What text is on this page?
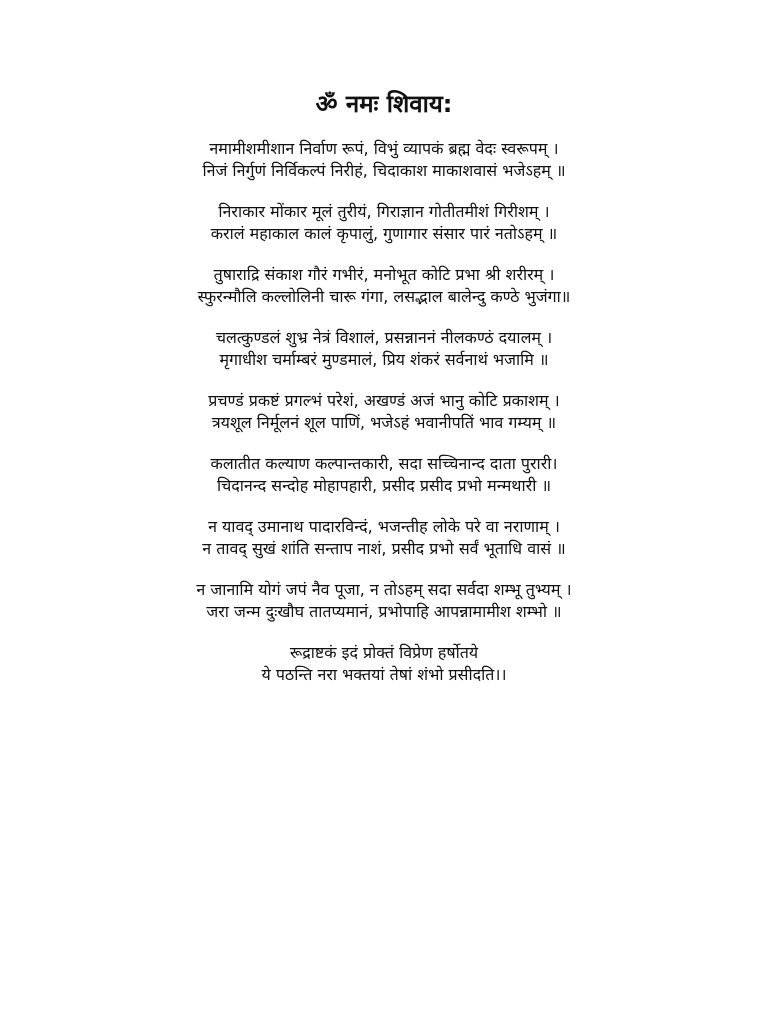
ॐ नमः शिवाय:
नमामीशमीशान निर्वाण रूपं, विभुं व्यापकं ब्रह्म वेदः स्वरूपम् ।
निजं निर्गुणं निर्विकल्पं निरीहं, चिदाकाश माकाशवासं भजेऽहम् ॥
निराकार मोंकार मूलं तुरीयं, गिराज्ञान गोतीतमीशं गिरीशम् ।
करालं महाकाल कालं कृपालुं, गुणागार संसार पारं नतोऽहम् ॥
तुषाराद्रि संकाश गौरं गभीरं, मनोभूत कोटि प्रभा श्री शरीरम् ।
स्फुरन्मौलि कल्लोलिनी चारू गंगा, लसद्भाल बालेन्दु कण्ठे भुजंगा॥
चलत्कुण्डलं शुभ्र नेत्रं विशालं, प्रसन्नाननं नीलकण्ठं दयालम् ।
मृगाधीश चर्माम्बरं मुण्डमालं, प्रिय शंकरं सर्वनाथं भजामि ॥
प्रचण्डं प्रकष्टं प्रगल्भं परेशं, अखण्डं अजं भानु कोटि प्रकाशम् ।
त्रयशूल निर्मूलनं शूल पाणिं, भजेऽहं भवानीपतिं भाव गम्यम् ॥
कलातीत कल्याण कल्पान्तकारी, सदा सच्चिनान्द दाता पुरारी।
चिदानन्द सन्दोह मोहापहारी, प्रसीद प्रसीद प्रभो मन्मथारी ॥
न यावद् उमानाथ पादारविन्दं, भजन्तीह लोके परे वा नराणाम् ।
न तावद् सुखं शांति सन्ताप नाशं, प्रसीद प्रभो सर्वं भूताधि वासं ॥
न जानामि योगं जपं नैव पूजा, न तोऽहम् सदा सर्वदा शम्भू तुभ्यम् ।
जरा जन्म दुःखौघ तातप्यमानं, प्रभोपाहि आपन्नामामीश शम्भो ॥
रूद्राष्टकं इदं प्रोक्तं विप्रेण हर्षोतये
ये पठन्ति नरा भक्तयां तेषां शंभो प्रसीदति।।
